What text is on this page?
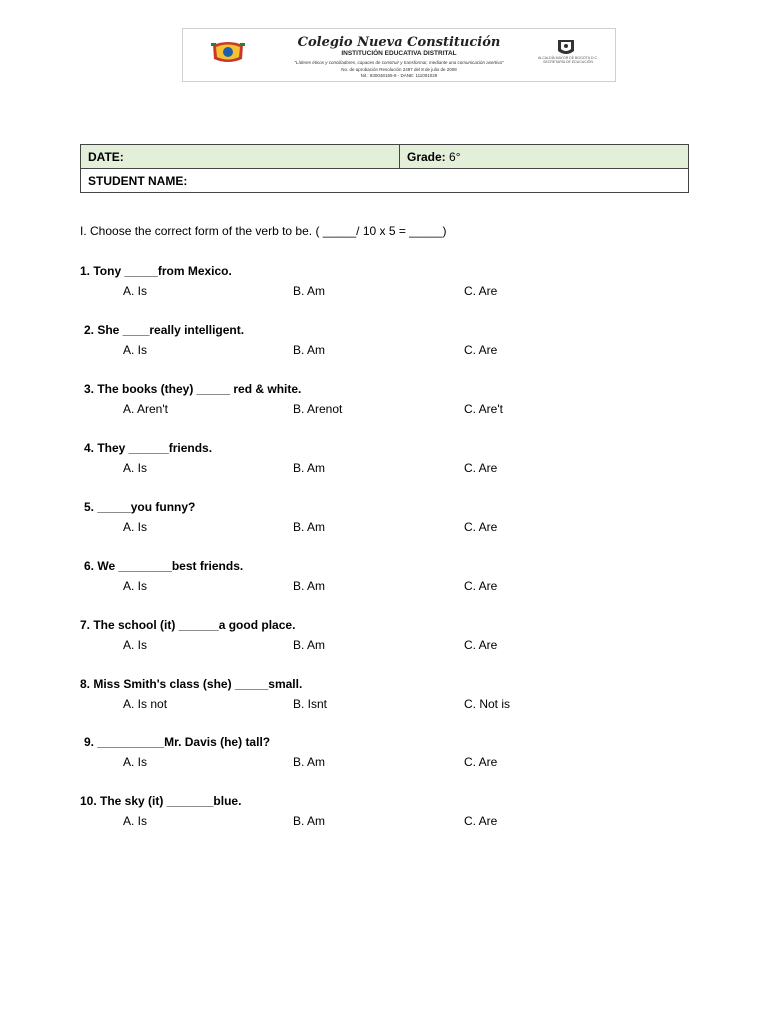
Colegio Nueva Constitución
INSTITUCIÓN EDUCATIVA DISTRITAL
"Líderes éticos y conciliadores, capaces de construir y transformar, mediante una comunicación asertiva"
No. de aprobación Resolución 2497 del 8 de julio de 2008
Nit.: 830048165-8 - DANE: 111001029
ALCALDÍA MAYOR DE BOGOTÁ D.C. SECRETARÍA DE EDUCACIÓN
DATE:	Grade: 6°
STUDENT NAME:
I. Choose the correct form of the verb to be. ( _____/ 10 x 5 = _____)
1. Tony _____from Mexico.
A. Is	B. Am	C. Are
2. She ____really intelligent.
A. Is	B. Am	C. Are
3. The books (they) _____ red & white.
A. Aren't	B. Arenot	C. Are't
4. They ______friends.
A. Is	B. Am	C. Are
5. _____you funny?
A. Is	B. Am	C. Are
6. We ________best friends.
A. Is	B. Am	C. Are
7. The school (it) ______a good place.
A. Is	B. Am	C. Are
8. Miss Smith's class (she) _____small.
A. Is not	B. Isnt	C. Not is
9. __________Mr. Davis (he) tall?
A. Is	B. Am	C. Are
10. The sky (it) _______blue.
A. Is	B. Am	C. Are
